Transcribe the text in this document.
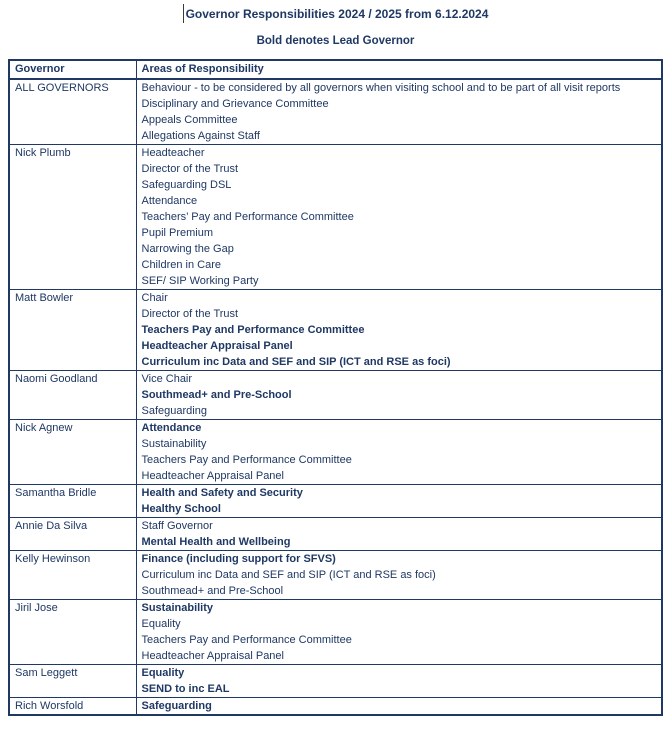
Governor Responsibilities 2024 / 2025 from 6.12.2024
Bold denotes Lead Governor
Governor	Areas of Responsibility
ALL GOVERNORS	Behaviour - to be considered by all governors when visiting school and to be part of all visit reports
Disciplinary and Grievance Committee
Appeals Committee
Allegations Against Staff

Nick Plumb	Headteacher
Director of the Trust
Safeguarding DSL
Attendance
Teachers’ Pay and Performance Committee
Pupil Premium
Narrowing the Gap
Children in Care
SEF/ SIP Working Party

Matt Bowler	Chair
Director of the Trust
Teachers Pay and Performance Committee
Headteacher Appraisal Panel
Curriculum inc Data and SEF and SIP (ICT and RSE as foci)

Naomi Goodland	Vice Chair
Southmead+ and Pre-School
Safeguarding

Nick Agnew	Attendance
Sustainability
Teachers Pay and Performance Committee
Headteacher Appraisal Panel

Samantha Bridle	Health and Safety and Security
Healthy School

Annie Da Silva	Staff Governor
Mental Health and Wellbeing

Kelly Hewinson	Finance (including support for SFVS)
Curriculum inc Data and SEF and SIP (ICT and RSE as foci)
Southmead+ and Pre-School

Jiril Jose	Sustainability
Equality
Teachers Pay and Performance Committee
Headteacher Appraisal Panel

Sam Leggett	Equality
SEND to inc EAL

Rich Worsfold	Safeguarding
